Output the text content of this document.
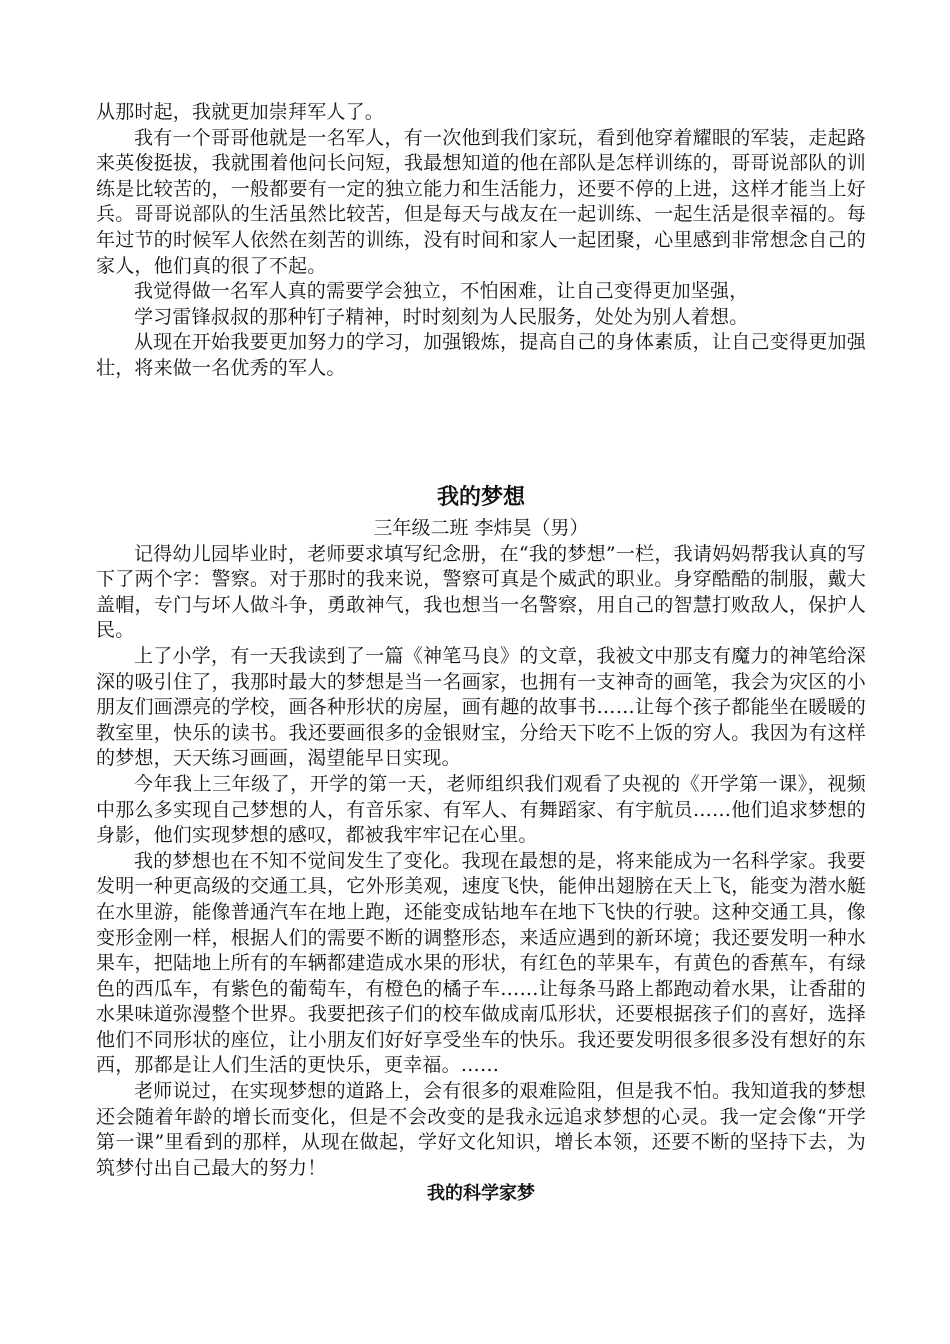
从那时起，我就更加崇拜军人了。

我有一个哥哥他就是一名军人，有一次他到我们家玩，看到他穿着耀眼的军装，走起路来英俊挺拔，我就围着他问长问短，我最想知道的他在部队是怎样训练的，哥哥说部队的训练是比较苦的，一般都要有一定的独立能力和生活能力，还要不停的上进，这样才能当上好兵。哥哥说部队的生活虽然比较苦，但是每天与战友在一起训练、一起生活是很幸福的。每年过节的时候军人依然在刻苦的训练，没有时间和家人一起团聚，心里感到非常想念自己的家人，他们真的很了不起。

我觉得做一名军人真的需要学会独立，不怕困难，让自己变得更加坚强，

学习雷锋叔叔的那种钉子精神，时时刻刻为人民服务，处处为别人着想。

从现在开始我要更加努力的学习，加强锻炼，提高自己的身体素质，让自己变得更加强壮，将来做一名优秀的军人。

我的梦想
三年级二班 李炜昊（男）

记得幼儿园毕业时，老师要求填写纪念册，在“我的梦想”一栏，我请妈妈帮我认真的写下了两个字：警察。对于那时的我来说，警察可真是个威武的职业。身穿酷酷的制服，戴大盖帽，专门与坏人做斗争，勇敢神气，我也想当一名警察，用自己的智慧打败敌人，保护人民。

上了小学，有一天我读到了一篇《神笔马良》的文章，我被文中那支有魔力的神笔给深深的吸引住了，我那时最大的梦想是当一名画家，也拥有一支神奇的画笔，我会为灾区的小朋友们画漂亮的学校，画各种形状的房屋，画有趣的故事书……让每个孩子都能坐在暖暖的教室里，快乐的读书。我还要画很多的金银财宝，分给天下吃不上饭的穷人。我因为有这样的梦想，天天练习画画，渴望能早日实现。

今年我上三年级了，开学的第一天，老师组织我们观看了央视的《开学第一课》，视频中那么多实现自己梦想的人，有音乐家、有军人、有舞蹈家、有宇航员……他们追求梦想的身影，他们实现梦想的感叹，都被我牢牢记在心里。

我的梦想也在不知不觉间发生了变化。我现在最想的是，将来能成为一名科学家。我要发明一种更高级的交通工具，它外形美观，速度飞快，能伸出翅膀在天上飞，能变为潜水艇在水里游，能像普通汽车在地上跑，还能变成钻地车在地下飞快的行驶。这种交通工具，像变形金刚一样，根据人们的需要不断的调整形态，来适应遇到的新环境；我还要发明一种水果车，把陆地上所有的车辆都建造成水果的形状，有红色的苹果车，有黄色的香蕉车，有绿色的西瓜车，有紫色的葡萄车，有橙色的橘子车……让每条马路上都跑动着水果，让香甜的水果味道弥漫整个世界。我要把孩子们的校车做成南瓜形状，还要根据孩子们的喜好，选择他们不同形状的座位，让小朋友们好好享受坐车的快乐。我还要发明很多很多没有想好的东西，那都是让人们生活的更快乐，更幸福。……

老师说过，在实现梦想的道路上，会有很多的艰难险阻，但是我不怕。我知道我的梦想还会随着年龄的增长而变化，但是不会改变的是我永远追求梦想的心灵。我一定会像“开学第一课”里看到的那样，从现在做起，学好文化知识，增长本领，还要不断的坚持下去，为筑梦付出自己最大的努力！

我的科学家梦
